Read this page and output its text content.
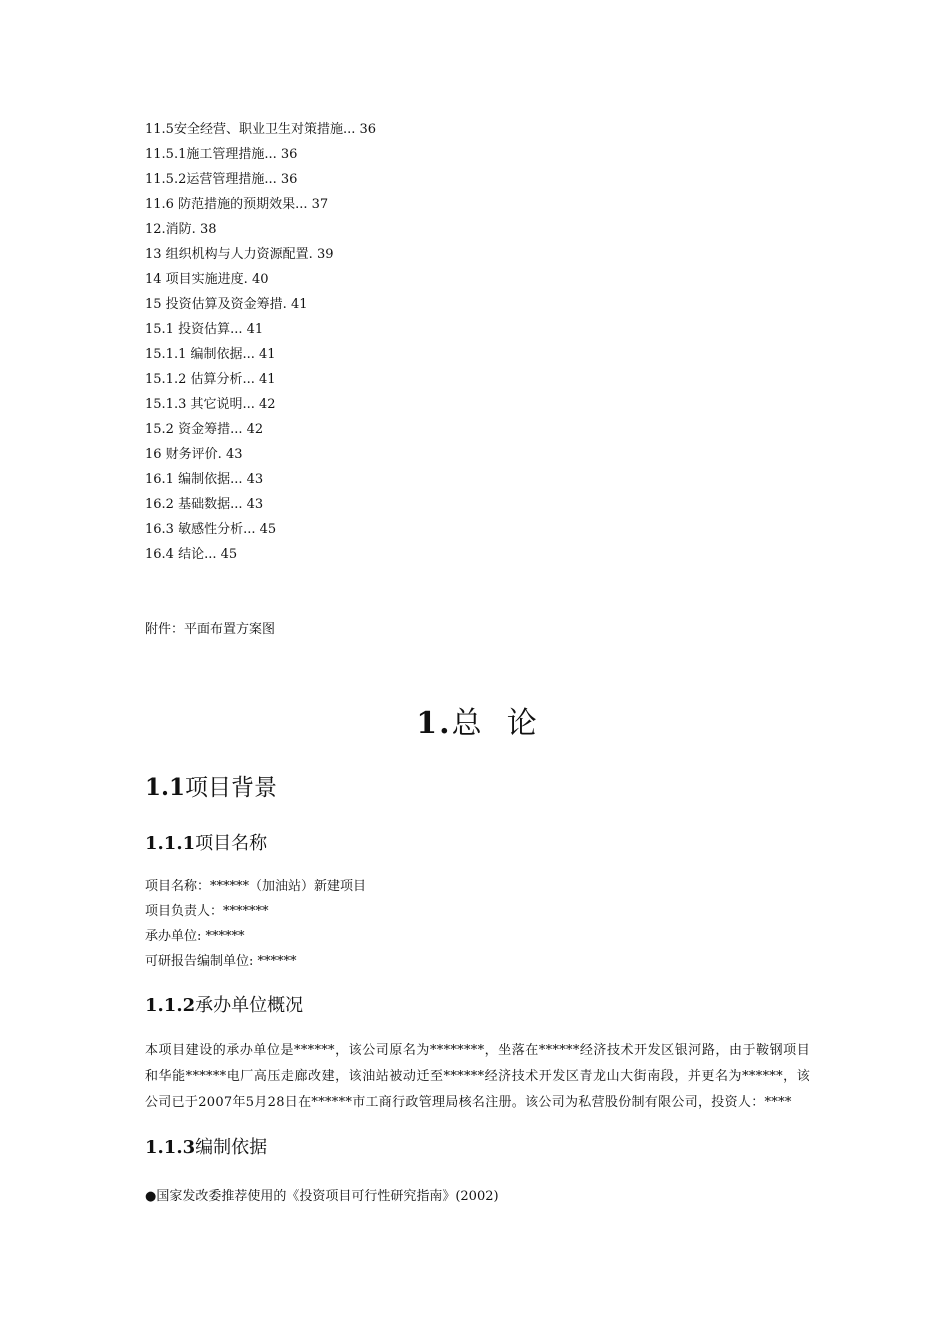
11.5安全经营、职业卫生对策措施... 36
11.5.1施工管理措施... 36
11.5.2运营管理措施... 36
11.6 防范措施的预期效果... 37
12.消防. 38
13 组织机构与人力资源配置. 39
14 项目实施进度. 40
15 投资估算及资金筹措. 41
15.1 投资估算... 41
15.1.1 编制依据... 41
15.1.2 估算分析... 41
15.1.3 其它说明... 42
15.2 资金筹措... 42
16 财务评价. 43
16.1 编制依据... 43
16.2 基础数据... 43
16.3 敏感性分析... 45
16.4 结论... 45
附件：平面布置方案图
1.总  论
1.1项目背景
1.1.1项目名称
项目名称：******（加油站）新建项目
项目负责人：*******
承办单位: ******
可研报告编制单位: ******
1.1.2承办单位概况
本项目建设的承办单位是******，该公司原名为********，坐落在******经济技术开发区银河路，由于鞍钢项目和华能******电厂高压走廊改建，该油站被动迁至******经济技术开发区青龙山大街南段，并更名为******，该公司已于2007年5月28日在******市工商行政管理局核名注册。该公司为私营股份制有限公司，投资人：****
1.1.3编制依据
●国家发改委推荐使用的《投资项目可行性研究指南》(2002)
